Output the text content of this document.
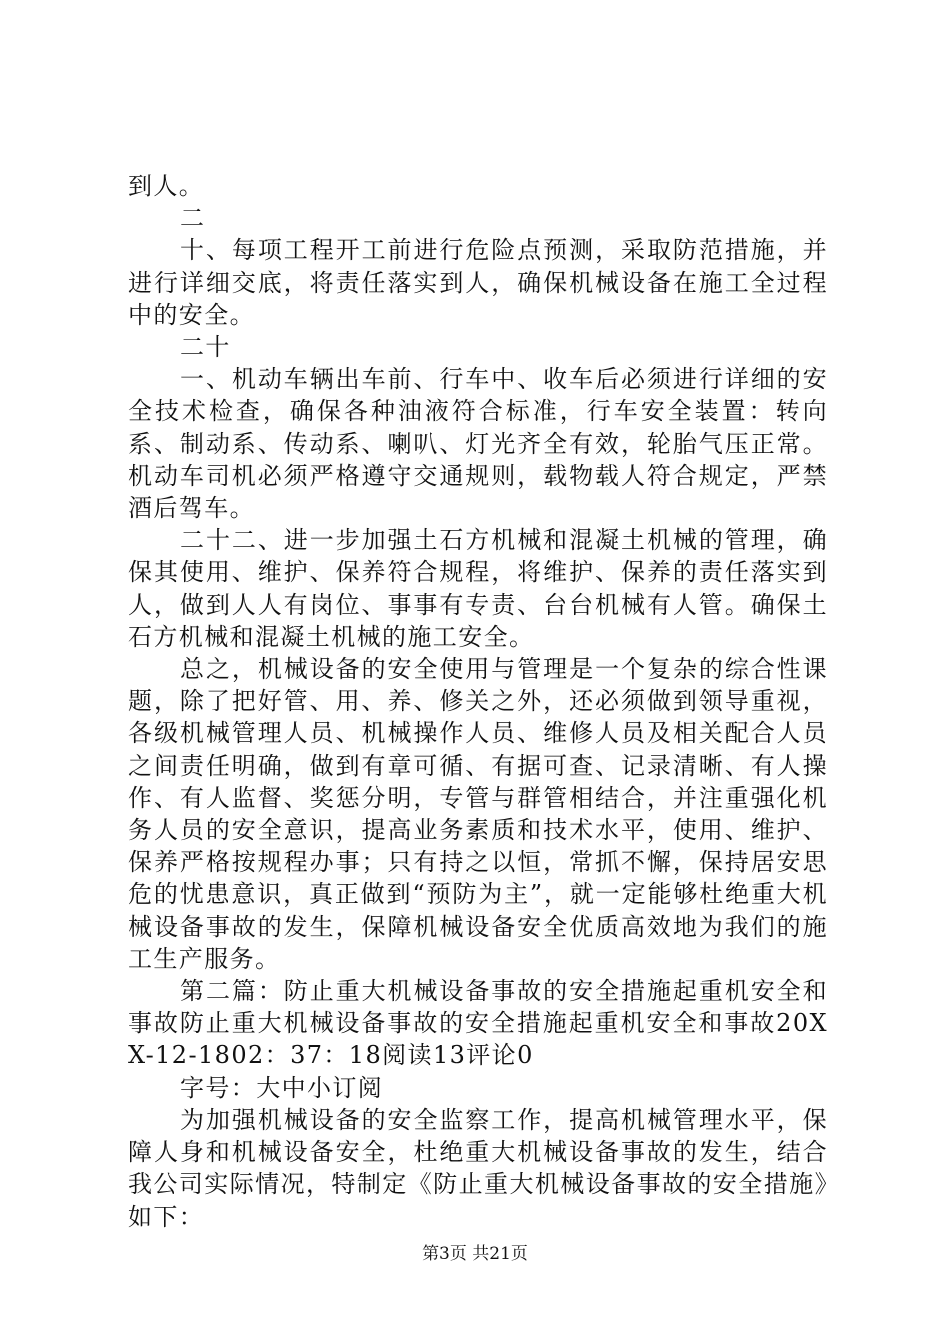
到人。

二

十、每项工程开工前进行危险点预测，采取防范措施，并进行详细交底，将责任落实到人，确保机械设备在施工全过程中的安全。

二十

一、机动车辆出车前、行车中、收车后必须进行详细的安全技术检查，确保各种油液符合标准，行车安全装置：转向系、制动系、传动系、喇叭、灯光齐全有效，轮胎气压正常。机动车司机必须严格遵守交通规则，载物载人符合规定，严禁酒后驾车。

二十二、进一步加强土石方机械和混凝土机械的管理，确保其使用、维护、保养符合规程，将维护、保养的责任落实到人，做到人人有岗位、事事有专责、台台机械有人管。确保土石方机械和混凝土机械的施工安全。

总之，机械设备的安全使用与管理是一个复杂的综合性课题，除了把好管、用、养、修关之外，还必须做到领导重视，各级机械管理人员、机械操作人员、维修人员及相关配合人员之间责任明确，做到有章可循、有据可查、记录清晰、有人操作、有人监督、奖惩分明，专管与群管相结合，并注重强化机务人员的安全意识，提高业务素质和技术水平，使用、维护、保养严格按规程办事；只有持之以恒，常抓不懈，保持居安思危的忧患意识，真正做到“预防为主”，就一定能够杜绝重大机械设备事故的发生，保障机械设备安全优质高效地为我们的施工生产服务。

第二篇：防止重大机械设备事故的安全措施起重机安全和事故防止重大机械设备事故的安全措施起重机安全和事故20XX-12-1802：37：18阅读13评论0

字号：大中小订阅

为加强机械设备的安全监察工作，提高机械管理水平，保障人身和机械设备安全，杜绝重大机械设备事故的发生，结合我公司实际情况，特制定《防止重大机械设备事故的安全措施》如下：

第3页 共21页
